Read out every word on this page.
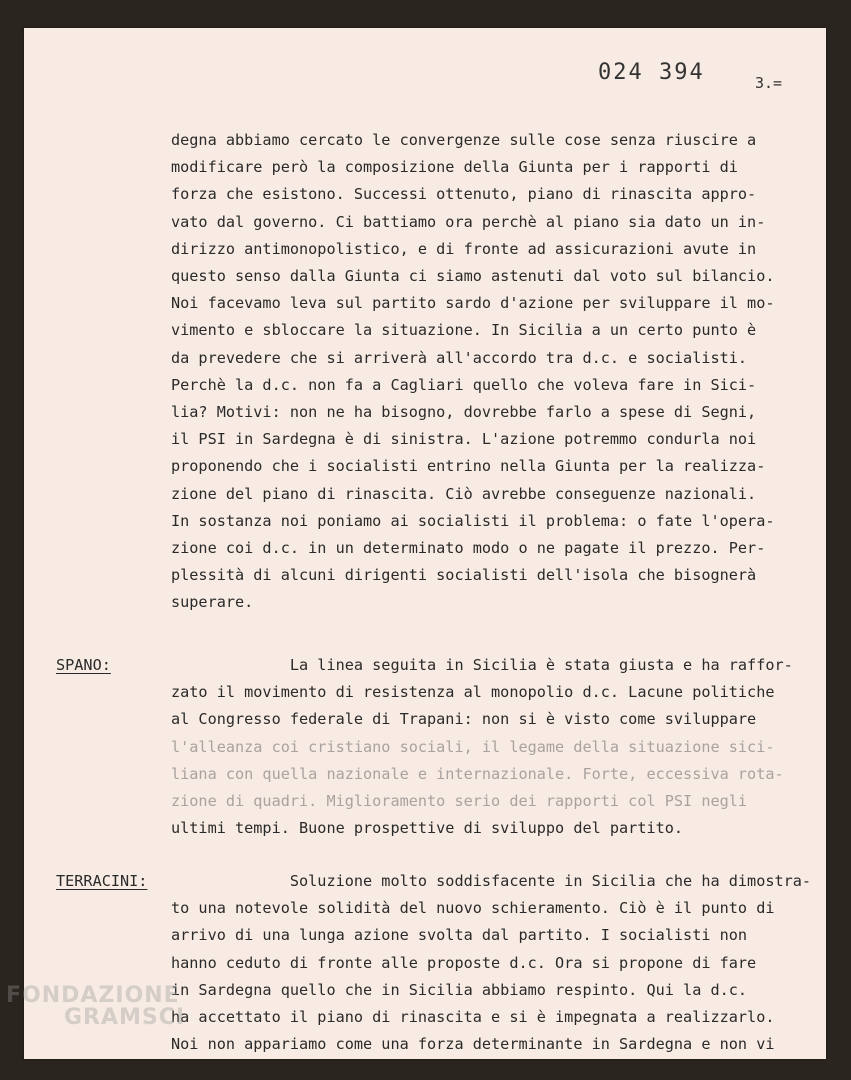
024 394	3.=
degna abbiamo cercato le convergenze sulle cose senza riuscire a
modificare però la composizione della Giunta per i rapporti di
forza che esistono. Successi ottenuto, piano di rinascita appro-
vato dal governo. Ci battiamo ora perchè al piano sia dato un in-
dirizzo antimonopolistico, e di fronte ad assicurazioni avute in
questo senso dalla Giunta ci siamo astenuti dal voto sul bilancio.
Noi facevamo leva sul partito sardo d'azione per sviluppare il mo-
vimento e sbloccare la situazione. In Sicilia a un certo punto è
da prevedere che si arriverà all'accordo tra d.c. e socialisti.
Perchè la d.c. non fa a Cagliari quello che voleva fare in Sici-
lia? Motivi: non ne ha bisogno, dovrebbe farlo a spese di Segni,
il PSI in Sardegna è di sinistra. L'azione potremmo condurla noi
proponendo che i socialisti entrino nella Giunta per la realizza-
zione del piano di rinascita. Ciò avrebbe conseguenze nazionali.
In sostanza noi poniamo ai socialisti il problema: o fate l'opera-
zione coi d.c. in un determinato modo o ne pagate il prezzo. Per-
plessità di alcuni dirigenti socialisti dell'isola che bisognerà
superare.
SPANO:	La linea seguita in Sicilia è stata giusta e ha raffor-
zato il movimento di resistenza al monopolio d.c. Lacune politiche
al Congresso federale di Trapani: non si è visto come sviluppare
l'alleanza coi cristiano sociali, il legame della situazione sici-
liana con quella nazionale e internazionale. Forte, eccessiva rota-
zione di quadri. Miglioramento serio dei rapporti col PSI negli
ultimi tempi. Buone prospettive di sviluppo del partito.
TERRACINI:	Soluzione molto soddisfacente in Sicilia che ha dimostra-
to una notevole solidità del nuovo schieramento. Ciò è il punto di
arrivo di una lunga azione svolta dal partito. I socialisti non
hanno ceduto di fronte alle proposte d.c. Ora si propone di fare
in Sardegna quello che in Sicilia abbiamo respinto. Qui la d.c.
ha accettato il piano di rinascita e si è impegnata a realizzarlo.
Noi non appariamo come una forza determinante in Sardegna e non vi
FONDAZIONE
GRAMSCI
